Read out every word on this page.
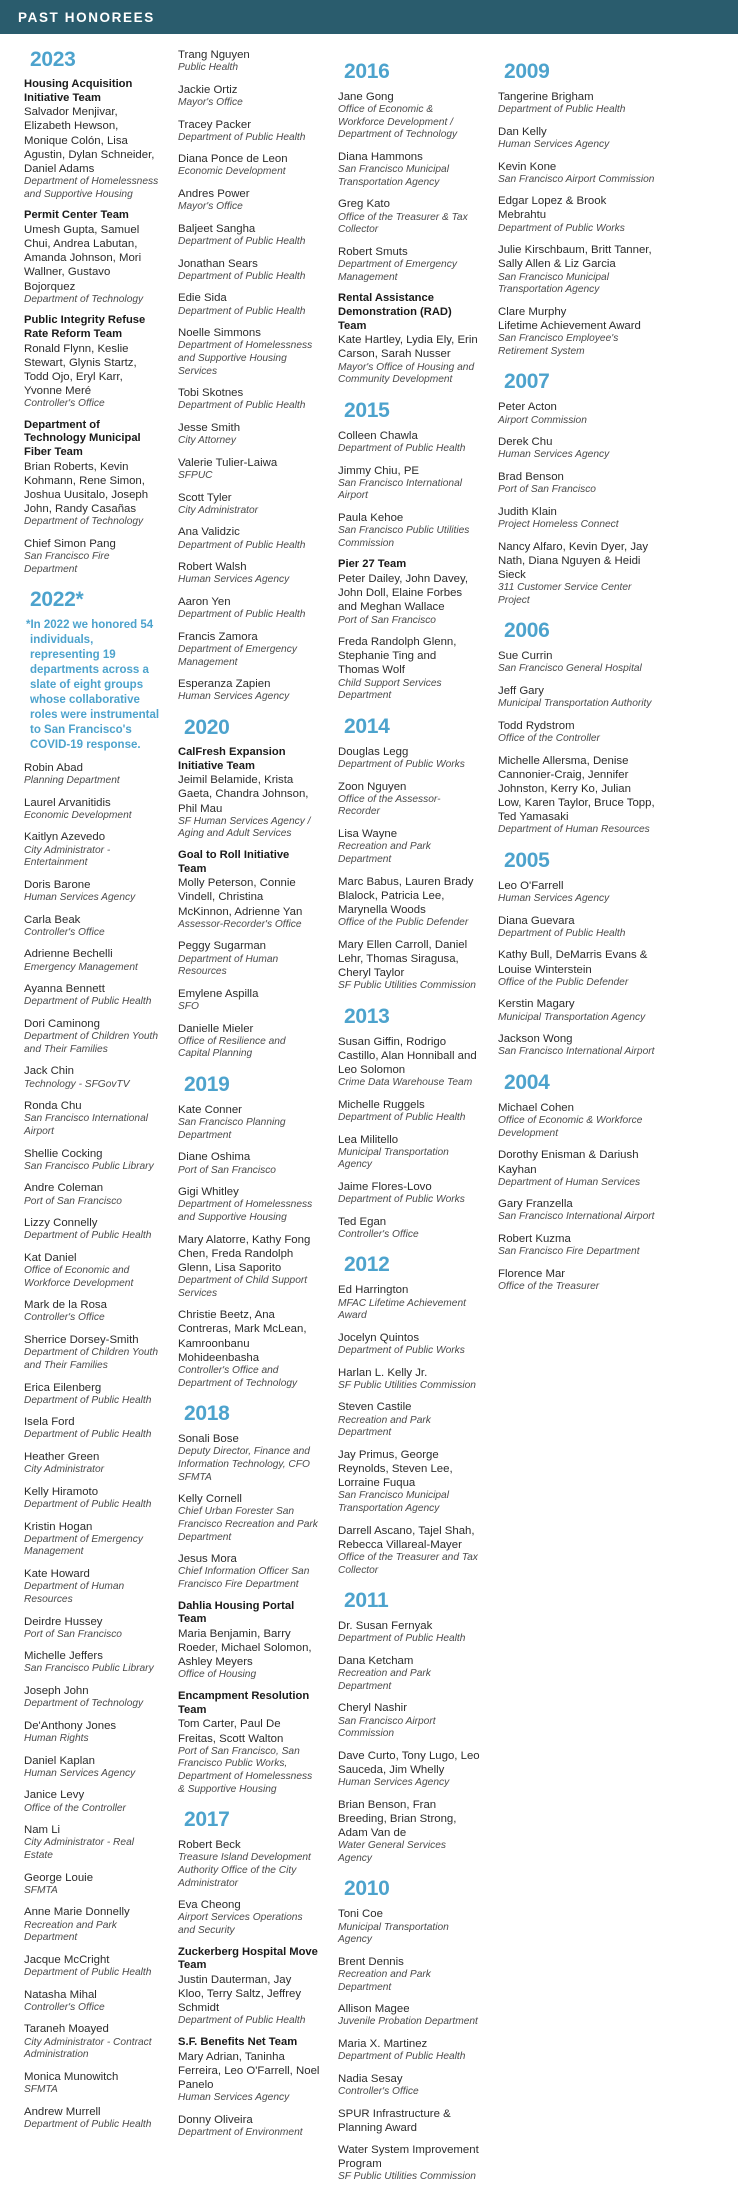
PAST HONOREES
2023
Housing Acquisition Initiative Team
Salvador Menjivar, Elizabeth Hewson, Monique Colón, Lisa Agustin, Dylan Schneider, Daniel Adams
Department of Homelessness and Supportive Housing
Permit Center Team
Umesh Gupta, Samuel Chui, Andrea Labutan, Amanda Johnson, Mori Wallner, Gustavo Bojorquez
Department of Technology
Public Integrity Refuse Rate Reform Team
Ronald Flynn, Keslie Stewart, Glynis Startz, Todd Ojo, Eryl Karr, Yvonne Meré
Controller's Office
Department of Technology Municipal Fiber Team
Brian Roberts, Kevin Kohmann, Rene Simon, Joshua Uusitalo, Joseph John, Randy Casañas
Department of Technology
Chief Simon Pang
San Francisco Fire Department
2022*
*In 2022 we honored 54 individuals, representing 19 departments across a slate of eight groups whose collaborative roles were instrumental to San Francisco's COVID-19 response.
Robin Abad
Planning Department
Laurel Arvanitidis
Economic Development
Kaitlyn Azevedo
City Administrator - Entertainment
Doris Barone
Human Services Agency
Carla Beak
Controller's Office
Adrienne Bechelli
Emergency Management
Ayanna Bennett
Department of Public Health
Dori Caminong
Department of Children Youth and Their Families
Jack Chin
Technology - SFGovTV
Ronda Chu
San Francisco International Airport
Shellie Cocking
San Francisco Public Library
Andre Coleman
Port of San Francisco
Lizzy Connelly
Department of Public Health
Kat Daniel
Office of Economic and Workforce Development
Mark de la Rosa
Controller's Office
Sherrice Dorsey-Smith
Department of Children Youth and Their Families
Erica Eilenberg
Department of Public Health
Isela Ford
Department of Public Health
Heather Green
City Administrator
Kelly Hiramoto
Department of Public Health
Kristin Hogan
Department of Emergency Management
Kate Howard
Department of Human Resources
Deirdre Hussey
Port of San Francisco
Michelle Jeffers
San Francisco Public Library
Joseph John
Department of Technology
De'Anthony Jones
Human Rights
Daniel Kaplan
Human Services Agency
Janice Levy
Office of the Controller
Nam Li
City Administrator - Real Estate
George Louie
SFMTA
Anne Marie Donnelly
Recreation and Park Department
Jacque McCright
Department of Public Health
Natasha Mihal
Controller's Office
Taraneh Moayed
City Administrator - Contract Administration
Monica Munowitch
SFMTA
Andrew Murrell
Department of Public Health
Trang Nguyen
Public Health
Jackie Ortiz
Mayor's Office
Tracey Packer
Department of Public Health
Diana Ponce de Leon
Economic Development
Andres Power
Mayor's Office
Baljeet Sangha
Department of Public Health
Jonathan Sears
Department of Public Health
Edie Sida
Department of Public Health
Noelle Simmons
Department of Homelessness and Supportive Housing Services
Tobi Skotnes
Department of Public Health
Jesse Smith
City Attorney
Valerie Tulier-Laiwa
SFPUC
Scott Tyler
City Administrator
Ana Validzic
Department of Public Health
Robert Walsh
Human Services Agency
Aaron Yen
Department of Public Health
Francis Zamora
Department of Emergency Management
Esperanza Zapien
Human Services Agency
2020
CalFresh Expansion Initiative Team
Jeimil Belamide, Krista Gaeta, Chandra Johnson, Phil Mau
SF Human Services Agency / Aging and Adult Services
Goal to Roll Initiative Team
Molly Peterson, Connie Vindell, Christina McKinnon, Adrienne Yan
Assessor-Recorder's Office
Peggy Sugarman
Department of Human Resources
Emylene Aspilla
SFO
Danielle Mieler
Office of Resilience and Capital Planning
2019
Kate Conner
San Francisco Planning Department
Diane Oshima
Port of San Francisco
Gigi Whitley
Department of Homelessness and Supportive Housing
Mary Alatorre, Kathy Fong Chen, Freda Randolph Glenn, Lisa Saporito
Department of Child Support Services
Christie Beetz, Ana Contreras, Mark McLean, Kamroonbanu Mohideenbasha
Controller's Office and Department of Technology
2018
Sonali Bose
Deputy Director, Finance and Information Technology, CFO SFMTA
Kelly Cornell
Chief Urban Forester San Francisco Recreation and Park Department
Jesus Mora
Chief Information Officer San Francisco Fire Department
Dahlia Housing Portal Team
Maria Benjamin, Barry Roeder, Michael Solomon, Ashley Meyers
Office of Housing
Encampment Resolution Team
Tom Carter, Paul De Freitas, Scott Walton
Port of San Francisco, San Francisco Public Works, Department of Homelessness & Supportive Housing
2017
Robert Beck
Treasure Island Development Authority Office of the City Administrator
Eva Cheong
Airport Services Operations and Security
Zuckerberg Hospital Move Team
Justin Dauterman, Jay Kloo, Terry Saltz, Jeffrey Schmidt
Department of Public Health
S.F. Benefits Net Team
Mary Adrian, Taninha Ferreira, Leo O'Farrell, Noel Panelo
Human Services Agency
Donny Oliveira
Department of Environment
2016
Jane Gong
Office of Economic & Workforce Development / Department of Technology
Diana Hammons
San Francisco Municipal Transportation Agency
Greg Kato
Office of the Treasurer & Tax Collector
Robert Smuts
Department of Emergency Management
Rental Assistance Demonstration (RAD) Team
Kate Hartley, Lydia Ely, Erin Carson, Sarah Nusser
Mayor's Office of Housing and Community Development
2015
Colleen Chawla
Department of Public Health
Jimmy Chiu, PE
San Francisco International Airport
Paula Kehoe
San Francisco Public Utilities Commission
Pier 27 Team
Peter Dailey, John Davey, John Doll, Elaine Forbes and Meghan Wallace
Port of San Francisco
Freda Randolph Glenn, Stephanie Ting and Thomas Wolf
Child Support Services Department
2014
Douglas Legg
Department of Public Works
Zoon Nguyen
Office of the Assessor-Recorder
Lisa Wayne
Recreation and Park Department
Marc Babus, Lauren Brady Blalock, Patricia Lee, Marynella Woods
Office of the Public Defender
Mary Ellen Carroll, Daniel Lehr, Thomas Siragusa, Cheryl Taylor
SF Public Utilities Commission
2013
Susan Giffin, Rodrigo Castillo, Alan Honniball and Leo Solomon
Crime Data Warehouse Team
Michelle Ruggels
Department of Public Health
Lea Militello
Municipal Transportation Agency
Jaime Flores-Lovo
Department of Public Works
Ted Egan
Controller's Office
2012
Ed Harrington
MFAC Lifetime Achievement Award
Jocelyn Quintos
Department of Public Works
Harlan L. Kelly Jr.
SF Public Utilities Commission
Steven Castile
Recreation and Park Department
Jay Primus, George Reynolds, Steven Lee, Lorraine Fuqua
San Francisco Municipal Transportation Agency
Darrell Ascano, Tajel Shah, Rebecca Villareal-Mayer
Office of the Treasurer and Tax Collector
2011
Dr. Susan Fernyak
Department of Public Health
Dana Ketcham
Recreation and Park Department
Cheryl Nashir
San Francisco Airport Commission
Dave Curto, Tony Lugo, Leo Sauceda, Jim Whelly
Human Services Agency
Brian Benson, Fran Breeding, Brian Strong, Adam Van de
Water General Services Agency
2010
Toni Coe
Municipal Transportation Agency
Brent Dennis
Recreation and Park Department
Allison Magee
Juvenile Probation Department
Maria X. Martinez
Department of Public Health
Nadia Sesay
Controller's Office
SPUR Infrastructure & Planning Award
Water System Improvement Program
SF Public Utilities Commission
2009
Tangerine Brigham
Department of Public Health
Dan Kelly
Human Services Agency
Kevin Kone
San Francisco Airport Commission
Edgar Lopez & Brook Mebrahtu
Department of Public Works
Julie Kirschbaum, Britt Tanner, Sally Allen & Liz Garcia
San Francisco Municipal Transportation Agency
Clare Murphy
Lifetime Achievement Award
San Francisco Employee's Retirement System
2007
Peter Acton
Airport Commission
Derek Chu
Human Services Agency
Brad Benson
Port of San Francisco
Judith Klain
Project Homeless Connect
Nancy Alfaro, Kevin Dyer, Jay Nath, Diana Nguyen & Heidi Sieck
311 Customer Service Center Project
2006
Sue Currin
San Francisco General Hospital
Jeff Gary
Municipal Transportation Authority
Todd Rydstrom
Office of the Controller
Michelle Allersma, Denise Cannonier-Craig, Jennifer Johnston, Kerry Ko, Julian Low, Karen Taylor, Bruce Topp, Ted Yamasaki
Department of Human Resources
2005
Leo O'Farrell
Human Services Agency
Diana Guevara
Department of Public Health
Kathy Bull, DeMarris Evans & Louise Winterstein
Office of the Public Defender
Kerstin Magary
Municipal Transportation Agency
Jackson Wong
San Francisco International Airport
2004
Michael Cohen
Office of Economic & Workforce Development
Dorothy Enisman & Dariush Kayhan
Department of Human Services
Gary Franzella
San Francisco International Airport
Robert Kuzma
San Francisco Fire Department
Florence Mar
Office of the Treasurer
